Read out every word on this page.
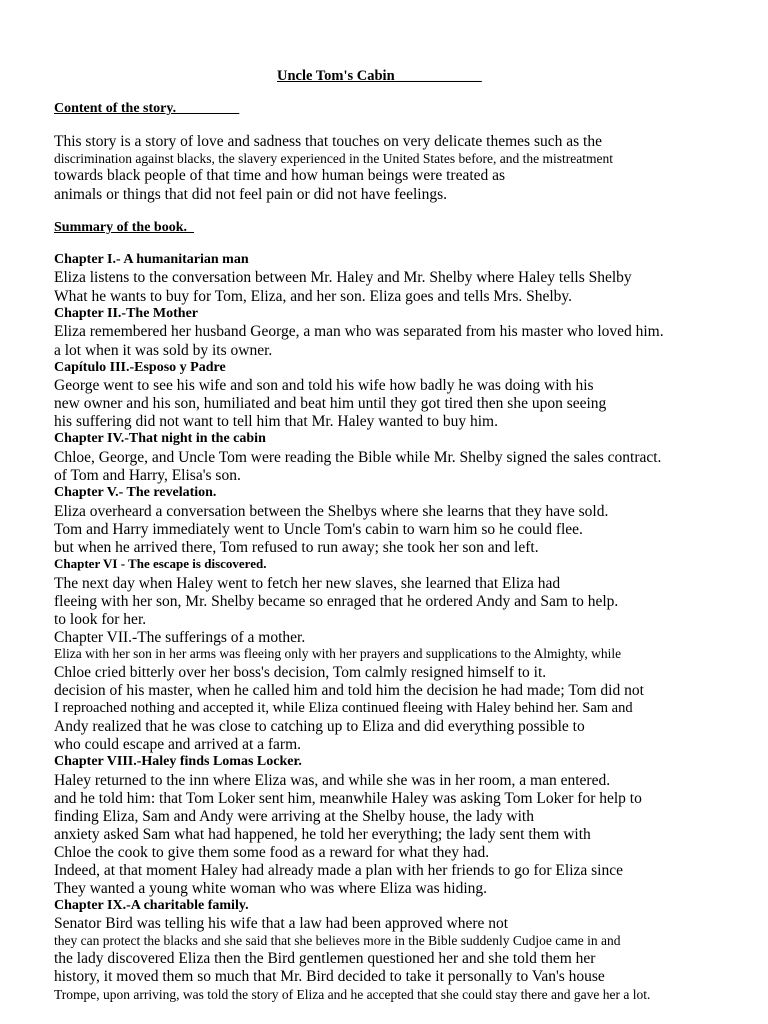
Uncle Tom's Cabin____________
Content of the story._________
This story is a story of love and sadness that touches on very delicate themes such as the
discrimination against blacks, the slavery experienced in the United States before, and the mistreatment
towards black people of that time and how human beings were treated as
animals or things that did not feel pain or did not have feelings.
Summary of the book.
Chapter I.- A humanitarian man
Eliza listens to the conversation between Mr. Haley and Mr. Shelby where Haley tells Shelby
What he wants to buy for Tom, Eliza, and her son. Eliza goes and tells Mrs. Shelby.
Chapter II.-The Mother
Eliza remembered her husband George, a man who was separated from his master who loved him.
a lot when it was sold by its owner.
Capítulo III.-Esposo y Padre
George went to see his wife and son and told his wife how badly he was doing with his
new owner and his son, humiliated and beat him until they got tired then she upon seeing
his suffering did not want to tell him that Mr. Haley wanted to buy him.
Chapter IV.-That night in the cabin
Chloe, George, and Uncle Tom were reading the Bible while Mr. Shelby signed the sales contract.
of Tom and Harry, Elisa's son.
Chapter V.- The revelation.
Eliza overheard a conversation between the Shelbys where she learns that they have sold.
Tom and Harry immediately went to Uncle Tom's cabin to warn him so he could flee.
but when he arrived there, Tom refused to run away; she took her son and left.
Chapter VI - The escape is discovered.
The next day when Haley went to fetch her new slaves, she learned that Eliza had
fleeing with her son, Mr. Shelby became so enraged that he ordered Andy and Sam to help.
to look for her.
Chapter VII.-The sufferings of a mother.
Eliza with her son in her arms was fleeing only with her prayers and supplications to the Almighty, while
Chloe cried bitterly over her boss's decision, Tom calmly resigned himself to it.
decision of his master, when he called him and told him the decision he had made; Tom did not
I reproached nothing and accepted it, while Eliza continued fleeing with Haley behind her. Sam and
Andy realized that he was close to catching up to Eliza and did everything possible to
who could escape and arrived at a farm.
Chapter VIII.-Haley finds Lomas Locker.
Haley returned to the inn where Eliza was, and while she was in her room, a man entered.
and he told him: that Tom Loker sent him, meanwhile Haley was asking Tom Loker for help to
finding Eliza, Sam and Andy were arriving at the Shelby house, the lady with
anxiety asked Sam what had happened, he told her everything; the lady sent them with
Chloe the cook to give them some food as a reward for what they had.
Indeed, at that moment Haley had already made a plan with her friends to go for Eliza since
They wanted a young white woman who was where Eliza was hiding.
Chapter IX.-A charitable family.
Senator Bird was telling his wife that a law had been approved where not
they can protect the blacks and she said that she believes more in the Bible suddenly Cudjoe came in and
the lady discovered Eliza then the Bird gentlemen questioned her and she told them her
history, it moved them so much that Mr. Bird decided to take it personally to Van's house
Trompe, upon arriving, was told the story of Eliza and he accepted that she could stay there and gave her a lot.
